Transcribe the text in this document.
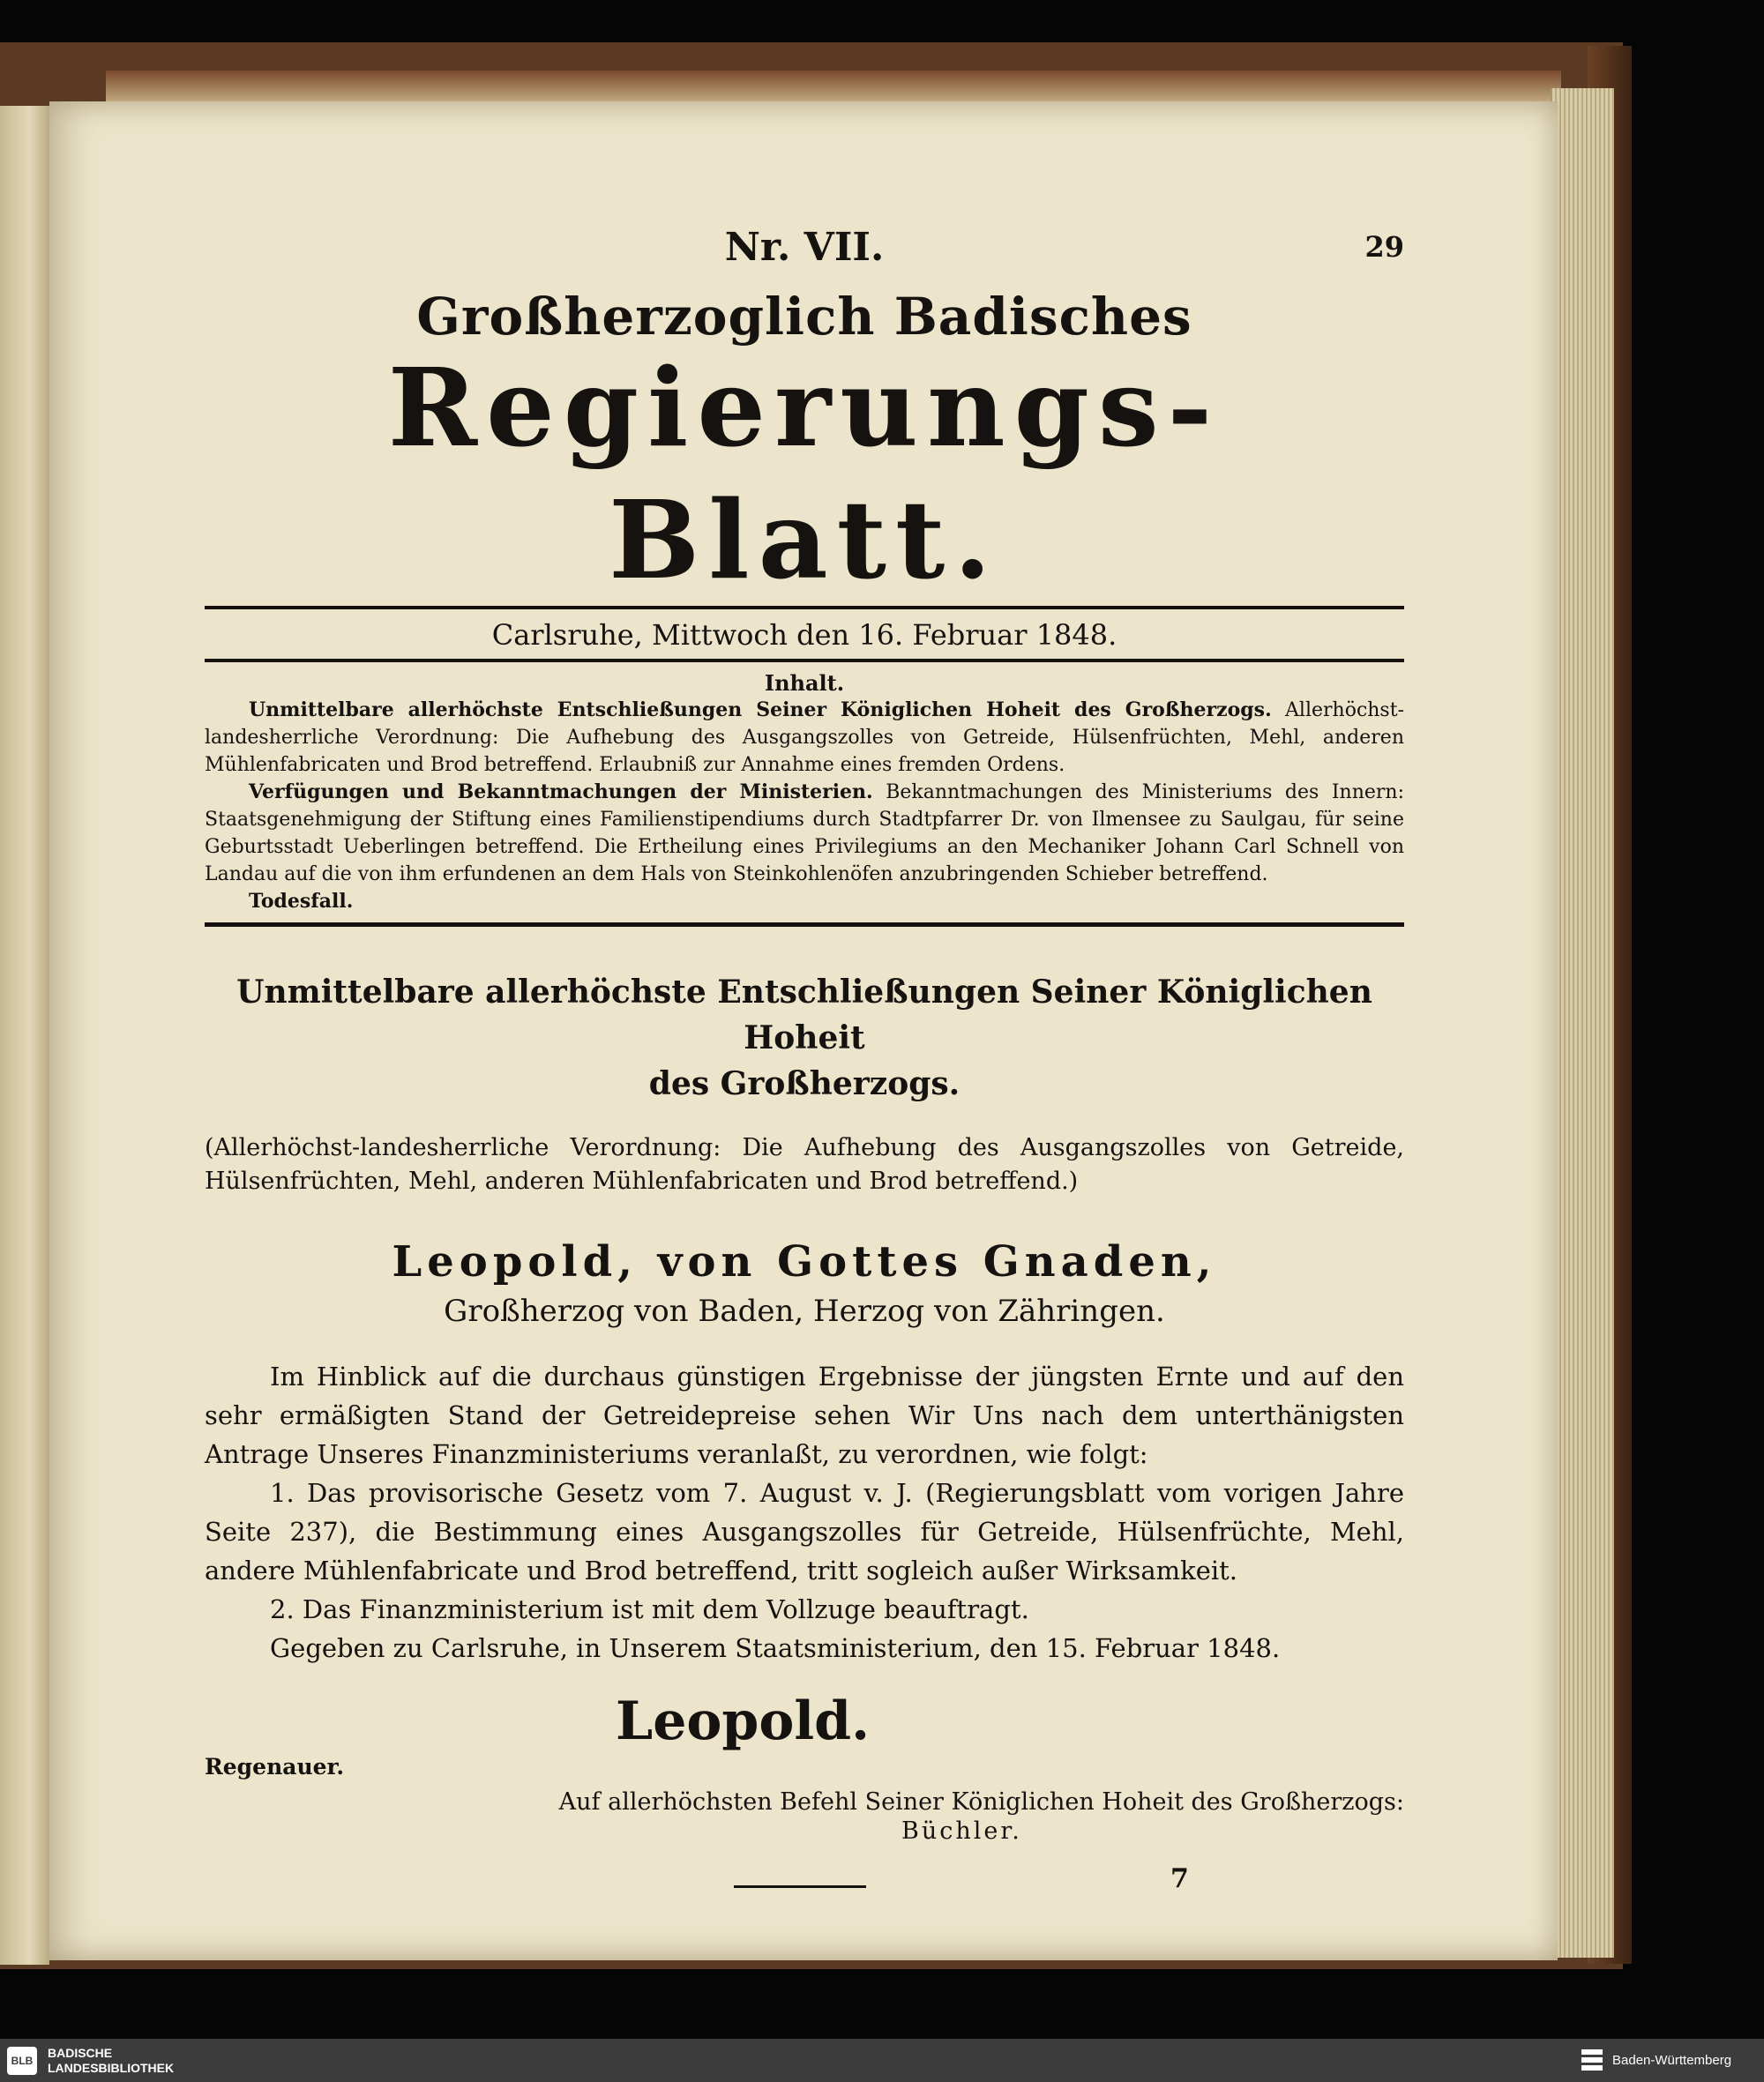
Nr. VII.	29
Großherzoglich Badisches
Regierungs-Blatt.
Carlsruhe, Mittwoch den 16. Februar 1848.
Inhalt.
Unmittelbare allerhöchste Entschließungen Seiner Königlichen Hoheit des Großherzogs. Allerhöchst-landesherrliche Verordnung: Die Aufhebung des Ausgangszolles von Getreide, Hülsenfrüchten, Mehl, anderen Mühlenfabricaten und Brod betreffend. Erlaubniß zur Annahme eines fremden Ordens.
Verfügungen und Bekanntmachungen der Ministerien. Bekanntmachungen des Ministeriums des Innern: Staatsgenehmigung der Stiftung eines Familienstipendiums durch Stadtpfarrer Dr. von Ilmensee zu Saulgau, für seine Geburtsstadt Ueberlingen betreffend. Die Ertheilung eines Privilegiums an den Mechaniker Johann Carl Schnell von Landau auf die von ihm erfundenen an dem Hals von Steinkohlenöfen anzubringenden Schieber betreffend.
Todesfall.
Unmittelbare allerhöchste Entschließungen Seiner Königlichen Hoheit
des Großherzogs.
(Allerhöchst-landesherrliche Verordnung: Die Aufhebung des Ausgangszolles von Getreide, Hülsenfrüchten, Mehl, anderen Mühlenfabricaten und Brod betreffend.)
Leopold, von Gottes Gnaden,
Großherzog von Baden, Herzog von Zähringen.

Im Hinblick auf die durchaus günstigen Ergebnisse der jüngsten Ernte und auf den sehr ermäßigten Stand der Getreidepreise sehen Wir Uns nach dem unterthänigsten Antrage Unseres Finanzministeriums veranlaßt, zu verordnen, wie folgt:

1. Das provisorische Gesetz vom 7. August v. J. (Regierungsblatt vom vorigen Jahre Seite 237), die Bestimmung eines Ausgangszolles für Getreide, Hülsenfrüchte, Mehl, andere Mühlenfabricate und Brod betreffend, tritt sogleich außer Wirksamkeit.

2. Das Finanzministerium ist mit dem Vollzuge beauftragt.

Gegeben zu Carlsruhe, in Unserem Staatsministerium, den 15. Februar 1848.

Leopold.
Regenauer.
Auf allerhöchsten Befehl Seiner Königlichen Hoheit des Großherzogs:
Büchler.
7
BLB
BADISCHE
LANDESBIBLIOTHEK	Baden-Württemberg
